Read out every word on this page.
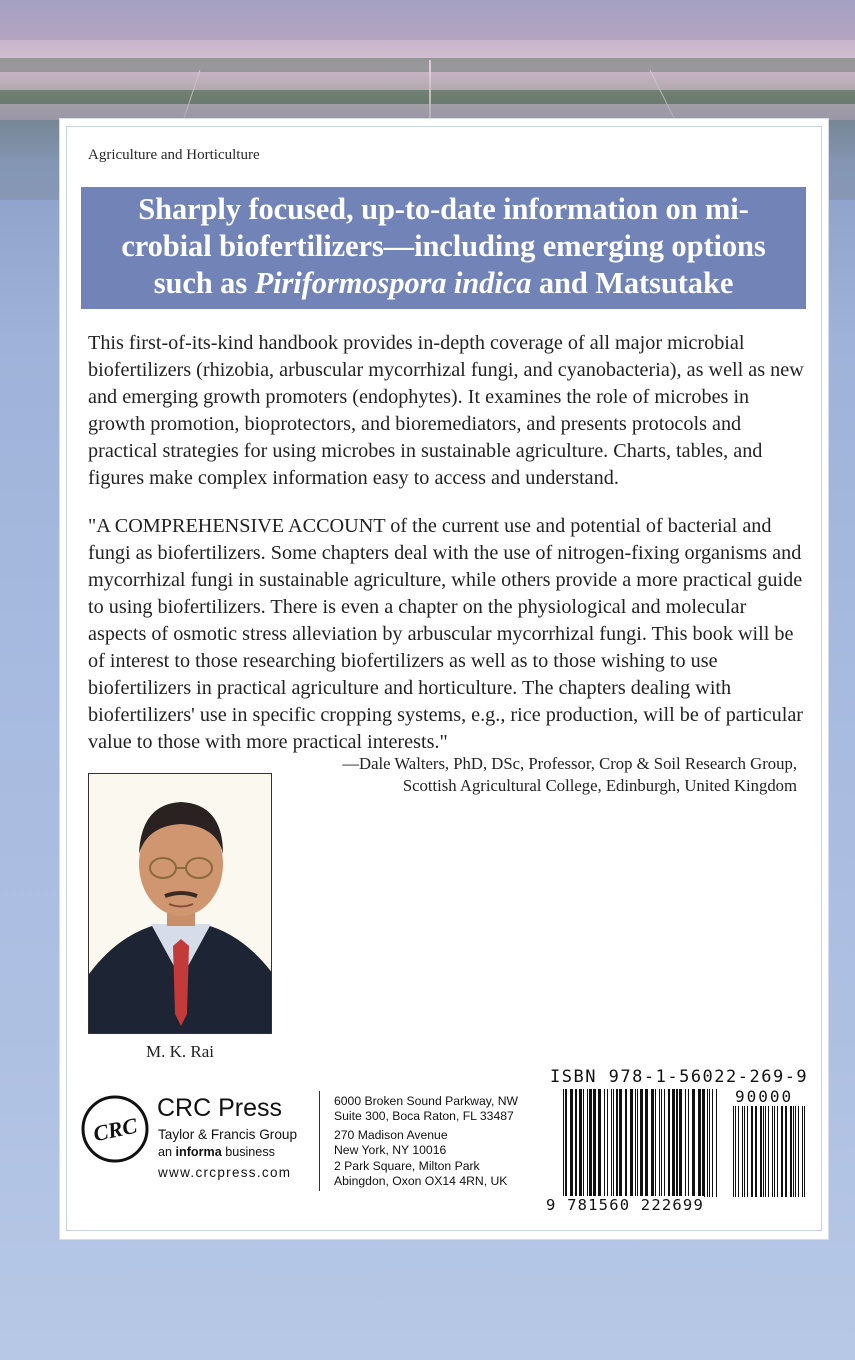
Agriculture and Horticulture
Sharply focused, up-to-date information on mi-
crobial biofertilizers—including emerging options
such as Piriformospora indica and Matsutake
This first-of-its-kind handbook provides in-depth coverage of all major microbial biofertilizers (rhizobia, arbuscular mycorrhizal fungi, and cyanobacteria), as well as new and emerging growth promoters (endophytes). It examines the role of microbes in growth promotion, bioprotectors, and bioremediators, and presents protocols and practical strategies for using microbes in sustainable agriculture. Charts, tables, and figures make complex information easy to access and understand.
"A COMPREHENSIVE ACCOUNT of the current use and potential of bacterial and fungi as biofertilizers. Some chapters deal with the use of nitrogen-fixing organisms and mycorrhizal fungi in sustainable agriculture, while others provide a more practical guide to using biofertilizers. There is even a chapter on the physiological and molecular aspects of osmotic stress alleviation by arbuscular mycorrhizal fungi. This book will be of interest to those researching biofertilizers as well as to those wishing to use biofertilizers in practical agriculture and horticulture. The chapters dealing with biofertilizers' use in specific cropping systems, e.g., rice production, will be of particular value to those with more practical interests."
—Dale Walters, PhD, DSc, Professor, Crop & Soil Research Group,
Scottish Agricultural College, Edinburgh, United Kingdom
M. K. Rai
CRC
CRC Press
Taylor & Francis Group
an informa business
www.crcpress.com
6000 Broken Sound Parkway, NW
Suite 300, Boca Raton, FL 33487
270 Madison Avenue
New York, NY 10016
2 Park Square, Milton Park
Abingdon, Oxon OX14 4RN, UK
ISBN 978-1-56022-269-9
90000
9 781560 222699
